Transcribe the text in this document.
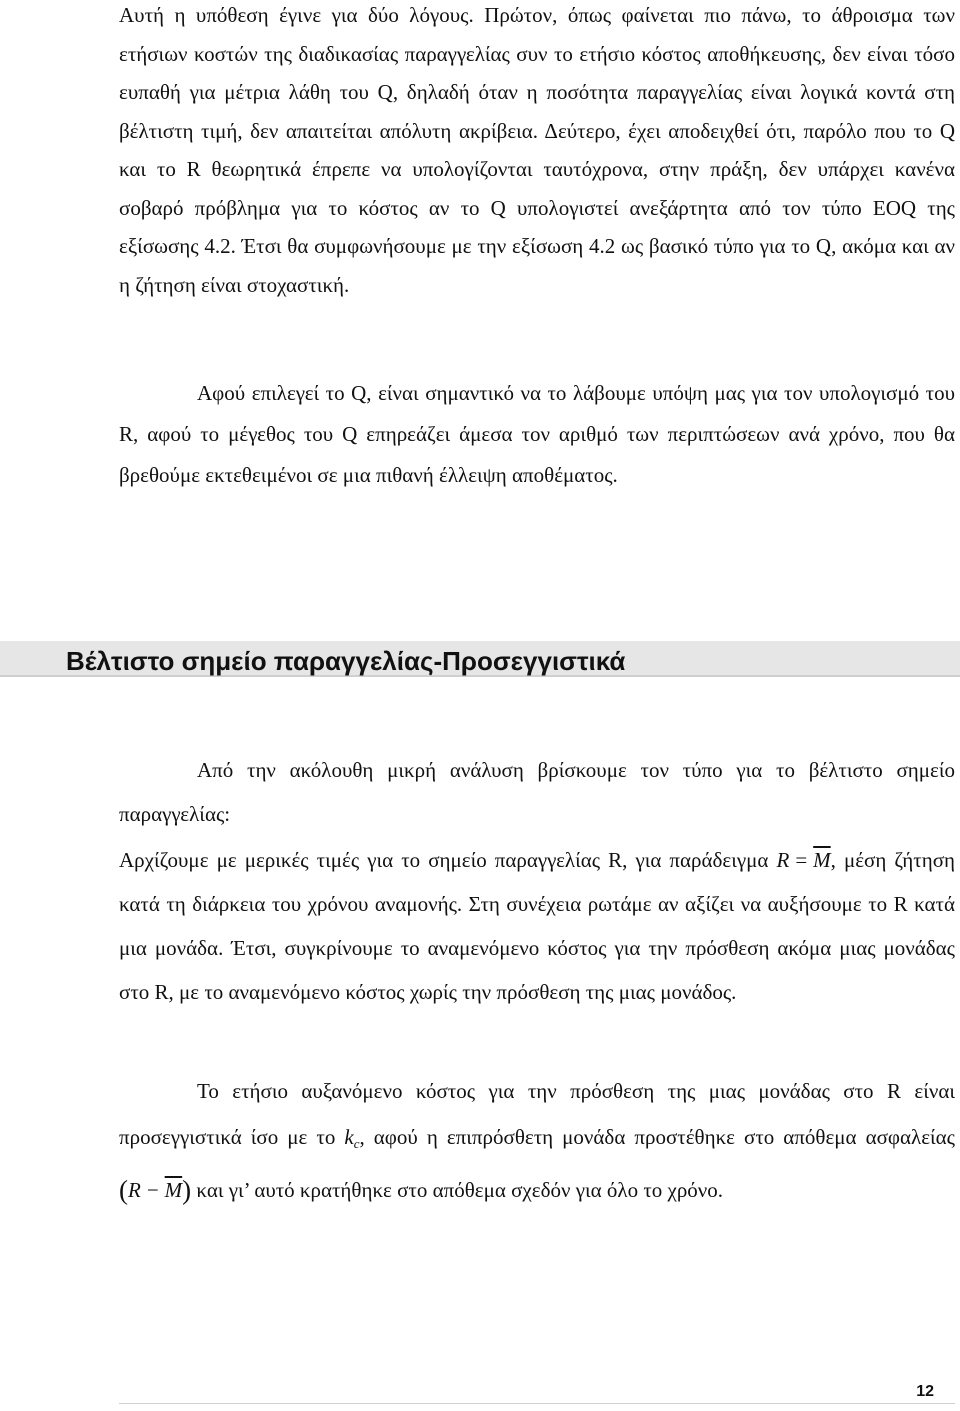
Αυτή η υπόθεση έγινε για δύο λόγους. Πρώτον, όπως φαίνεται πιο πάνω, το άθροισμα των ετήσιων κοστών της διαδικασίας παραγγελίας συν το ετήσιο κόστος αποθήκευσης, δεν είναι τόσο ευπαθή για μέτρια λάθη του Q, δηλαδή όταν η ποσότητα παραγγελίας είναι λογικά κοντά στη βέλτιστη τιμή, δεν απαιτείται απόλυτη ακρίβεια. Δεύτερο, έχει αποδειχθεί ότι, παρόλο που το Q και το R θεωρητικά έπρεπε να υπολογίζονται ταυτόχρονα, στην πράξη, δεν υπάρχει κανένα σοβαρό πρόβλημα για το κόστος αν το Q υπολογιστεί ανεξάρτητα από τον τύπο EOQ της εξίσωσης 4.2. Έτσι θα συμφωνήσουμε με την εξίσωση 4.2 ως βασικό τύπο για το Q, ακόμα και αν η ζήτηση είναι στοχαστική.

Αφού επιλεγεί το Q, είναι σημαντικό να το λάβουμε υπόψη μας για τον υπολογισμό του R, αφού το μέγεθος του Q επηρεάζει άμεσα τον αριθμό των περιπτώσεων ανά χρόνο, που θα βρεθούμε εκτεθειμένοι σε μια πιθανή έλλειψη αποθέματος.

Βέλτιστο σημείο παραγγελίας-Προσεγγιστικά

Από την ακόλουθη μικρή ανάλυση βρίσκουμε τον τύπο για το βέλτιστο σημείο παραγγελίας:

Αρχίζουμε με μερικές τιμές για το σημείο παραγγελίας R, για παράδειγμα $R = \overline{M}$, μέση ζήτηση κατά τη διάρκεια του χρόνου αναμονής. Στη συνέχεια ρωτάμε αν αξίζει να αυξήσουμε το R κατά μια μονάδα. Έτσι, συγκρίνουμε το αναμενόμενο κόστος για την πρόσθεση ακόμα μιας μονάδας στο R, με το αναμενόμενο κόστος χωρίς την πρόσθεση της μιας μονάδος.

Το ετήσιο αυξανόμενο κόστος για την πρόσθεση της μιας μονάδας στο R είναι προσεγγιστικά ίσο με το $k_c$, αφού η επιπρόσθετη μονάδα προστέθηκε στο απόθεμα ασφαλείας $(R - \overline{M})$ και γι’ αυτό κρατήθηκε στο απόθεμα σχεδόν για όλο το χρόνο.

12
